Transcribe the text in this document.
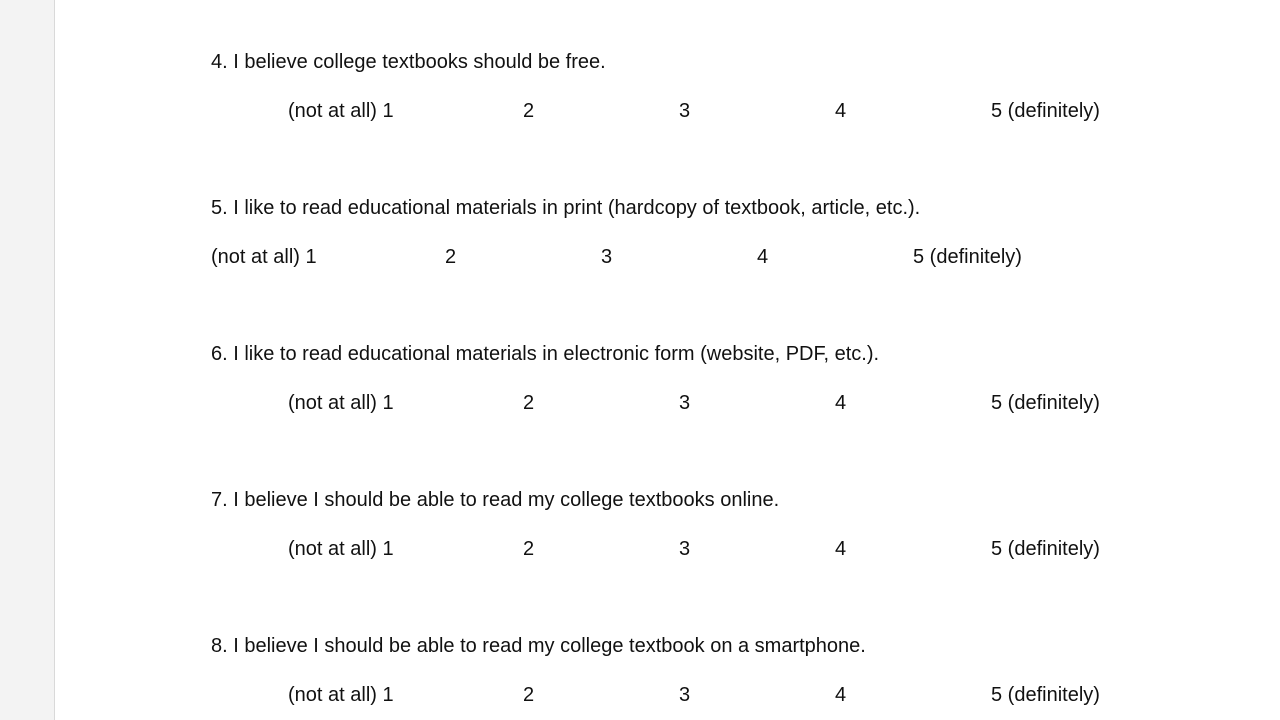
4. I believe college textbooks should be free.
(not at all) 1	2	3	4	5 (definitely)
5. I like to read educational materials in print (hardcopy of textbook, article, etc.).
(not at all) 1	2	3	4	5 (definitely)
6. I like to read educational materials in electronic form (website, PDF, etc.).
(not at all) 1	2	3	4	5 (definitely)
7. I believe I should be able to read my college textbooks online.
(not at all) 1	2	3	4	5 (definitely)
8. I believe I should be able to read my college textbook on a smartphone.
(not at all) 1	2	3	4	5 (definitely)
